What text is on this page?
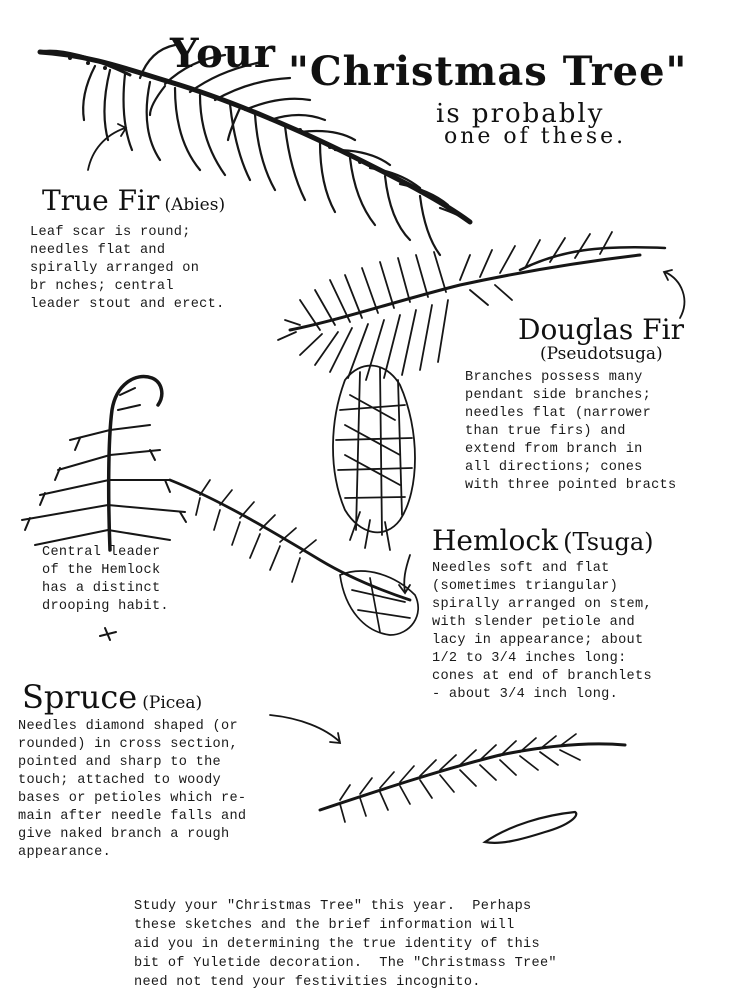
Your "Christmas Tree"
is probably
one of these.
True Fir (Abies)
Leaf scar is round;
needles flat and
spirally arranged on
br nches; central
leader stout and erect.
Douglas Fir
(Pseudotsuga)
Branches possess many
pendant side branches;
needles flat (narrower
than true firs) and
extend from branch in
all directions; cones
with three pointed bracts
Central leader
of the Hemlock
has a distinct
drooping habit.
Hemlock (Tsuga)
Needles soft and flat
(sometimes triangular)
spirally arranged on stem,
with slender petiole and
lacy in appearance; about
1/2 to 3/4 inches long:
cones at end of branchlets
- about 3/4 inch long.
Spruce (Picea)
Needles diamond shaped (or
rounded) in cross section,
pointed and sharp to the
touch; attached to woody
bases or petioles which re-
main after needle falls and
give naked branch a rough
appearance.
Study your "Christmas Tree" this year.  Perhaps
these sketches and the brief information will
aid you in determining the true identity of this
bit of Yuletide decoration.  The "Christmass Tree"
need not tend your festivities incognito.
